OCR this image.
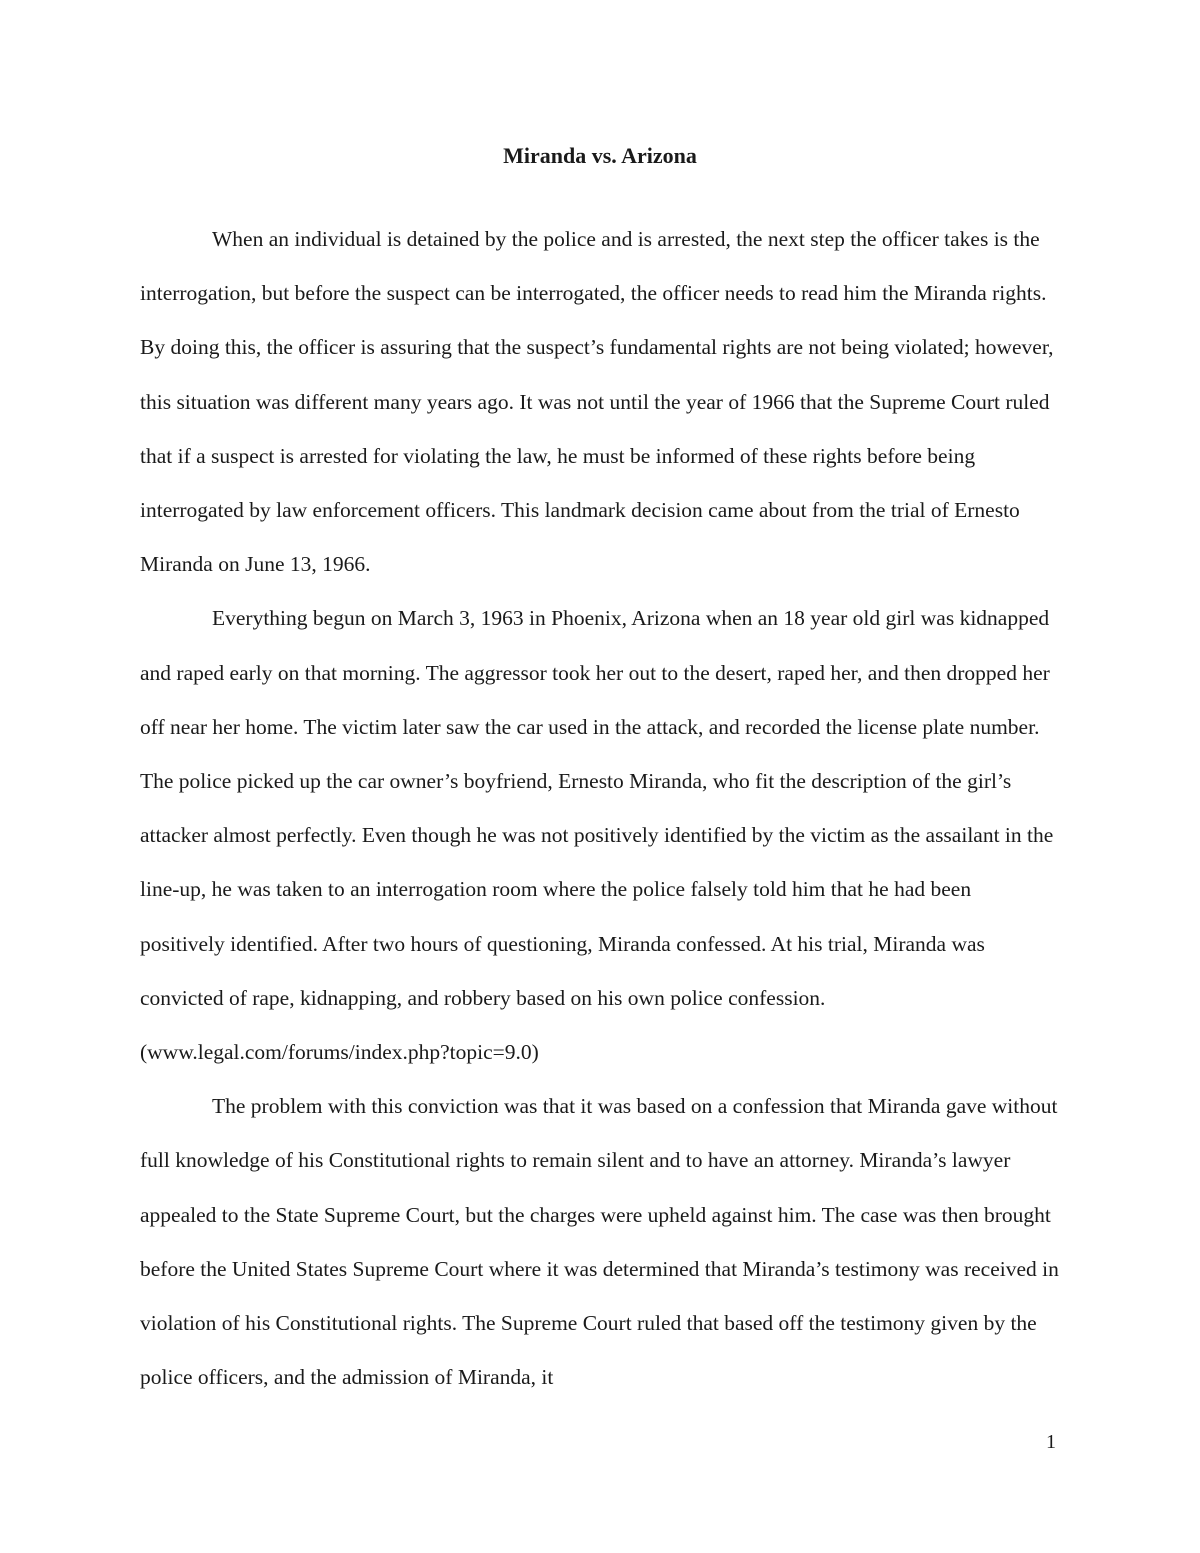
Miranda vs. Arizona

When an individual is detained by the police and is arrested, the next step the officer takes is the interrogation, but before the suspect can be interrogated, the officer needs to read him the Miranda rights. By doing this, the officer is assuring that the suspect’s fundamental rights are not being violated; however, this situation was different many years ago. It was not until the year of 1966 that the Supreme Court ruled that if a suspect is arrested for violating the law, he must be informed of these rights before being interrogated by law enforcement officers. This landmark decision came about from the trial of Ernesto Miranda on June 13, 1966.

Everything begun on March 3, 1963 in Phoenix, Arizona when an 18 year old girl was kidnapped and raped early on that morning. The aggressor took her out to the desert, raped her, and then dropped her off near her home. The victim later saw the car used in the attack, and recorded the license plate number. The police picked up the car owner’s boyfriend, Ernesto Miranda, who fit the description of the girl’s attacker almost perfectly. Even though he was not positively identified by the victim as the assailant in the line-up, he was taken to an interrogation room where the police falsely told him that he had been positively identified. After two hours of questioning, Miranda confessed. At his trial, Miranda was convicted of rape, kidnapping, and robbery based on his own police confession. (www.legal.com/forums/index.php?topic=9.0)

The problem with this conviction was that it was based on a confession that Miranda gave without full knowledge of his Constitutional rights to remain silent and to have an attorney. Miranda’s lawyer appealed to the State Supreme Court, but the charges were upheld against him. The case was then brought before the United States Supreme Court where it was determined that Miranda’s testimony was received in violation of his Constitutional rights. The Supreme Court ruled that based off the testimony given by the police officers, and the admission of Miranda, it

1
